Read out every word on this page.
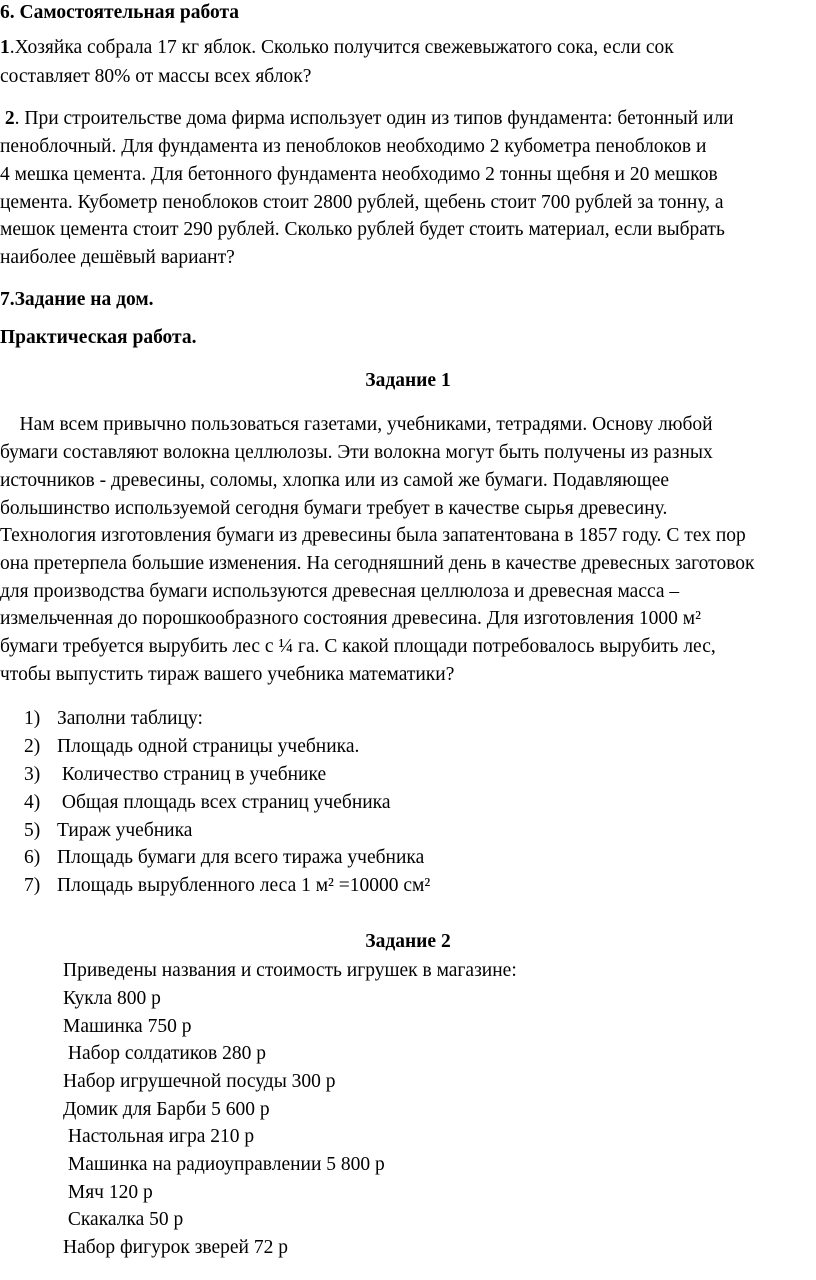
6. Самостоятельная работа
1.Хозяйка собрала 17 кг яблок. Сколько получится свежевыжатого сока, если сок
составляет 80% от массы всех яблок?
2. При строительстве дома фирма использует один из типов фундамента: бетонный или
пеноблочный. Для фундамента из пеноблоков необходимо 2 кубометра пеноблоков и
4 мешка цемента. Для бетонного фундамента необходимо 2 тонны щебня и 20 мешков
цемента. Кубометр пеноблоков стоит 2800 рублей, щебень стоит 700 рублей за тонну, а
мешок цемента стоит 290 рублей. Сколько рублей будет стоить материал, если выбрать
наиболее дешёвый вариант?
7.Задание на дом.
Практическая работа.
Задание 1
Нам всем привычно пользоваться газетами, учебниками, тетрадями. Основу любой
бумаги составляют волокна целлюлозы. Эти волокна могут быть получены из разных
источников - древесины, соломы, хлопка или из самой же бумаги. Подавляющее
большинство используемой сегодня бумаги требует в качестве сырья древесину.
Технология изготовления бумаги из древесины была запатентована в 1857 году. С тех пор
она претерпела большие изменения. На сегодняшний день в качестве древесных заготовок
для производства бумаги используются древесная целлюлоза и древесная масса –
измельченная до порошкообразного состояния древесина. Для изготовления 1000 м²
бумаги требуется вырубить лес с ¼ га. С какой площади потребовалось вырубить лес,
чтобы выпустить тираж вашего учебника математики?
1) Заполни таблицу:
2) Площадь одной страницы учебника.
3) Количество страниц в учебнике
4) Общая площадь всех страниц учебника
5) Тираж учебника
6) Площадь бумаги для всего тиража учебника
7) Площадь вырубленного леса 1 м² =10000 см²
Задание 2
Приведены названия и стоимость игрушек в магазине:
Кукла 800 р
Машинка 750 р
Набор солдатиков 280 р
Набор игрушечной посуды 300 р
Домик для Барби 5 600 р
Настольная игра 210 р
Машинка на радиоуправлении 5 800 р
Мяч 120 р
Скакалка 50 р
Набор фигурок зверей 72 р
